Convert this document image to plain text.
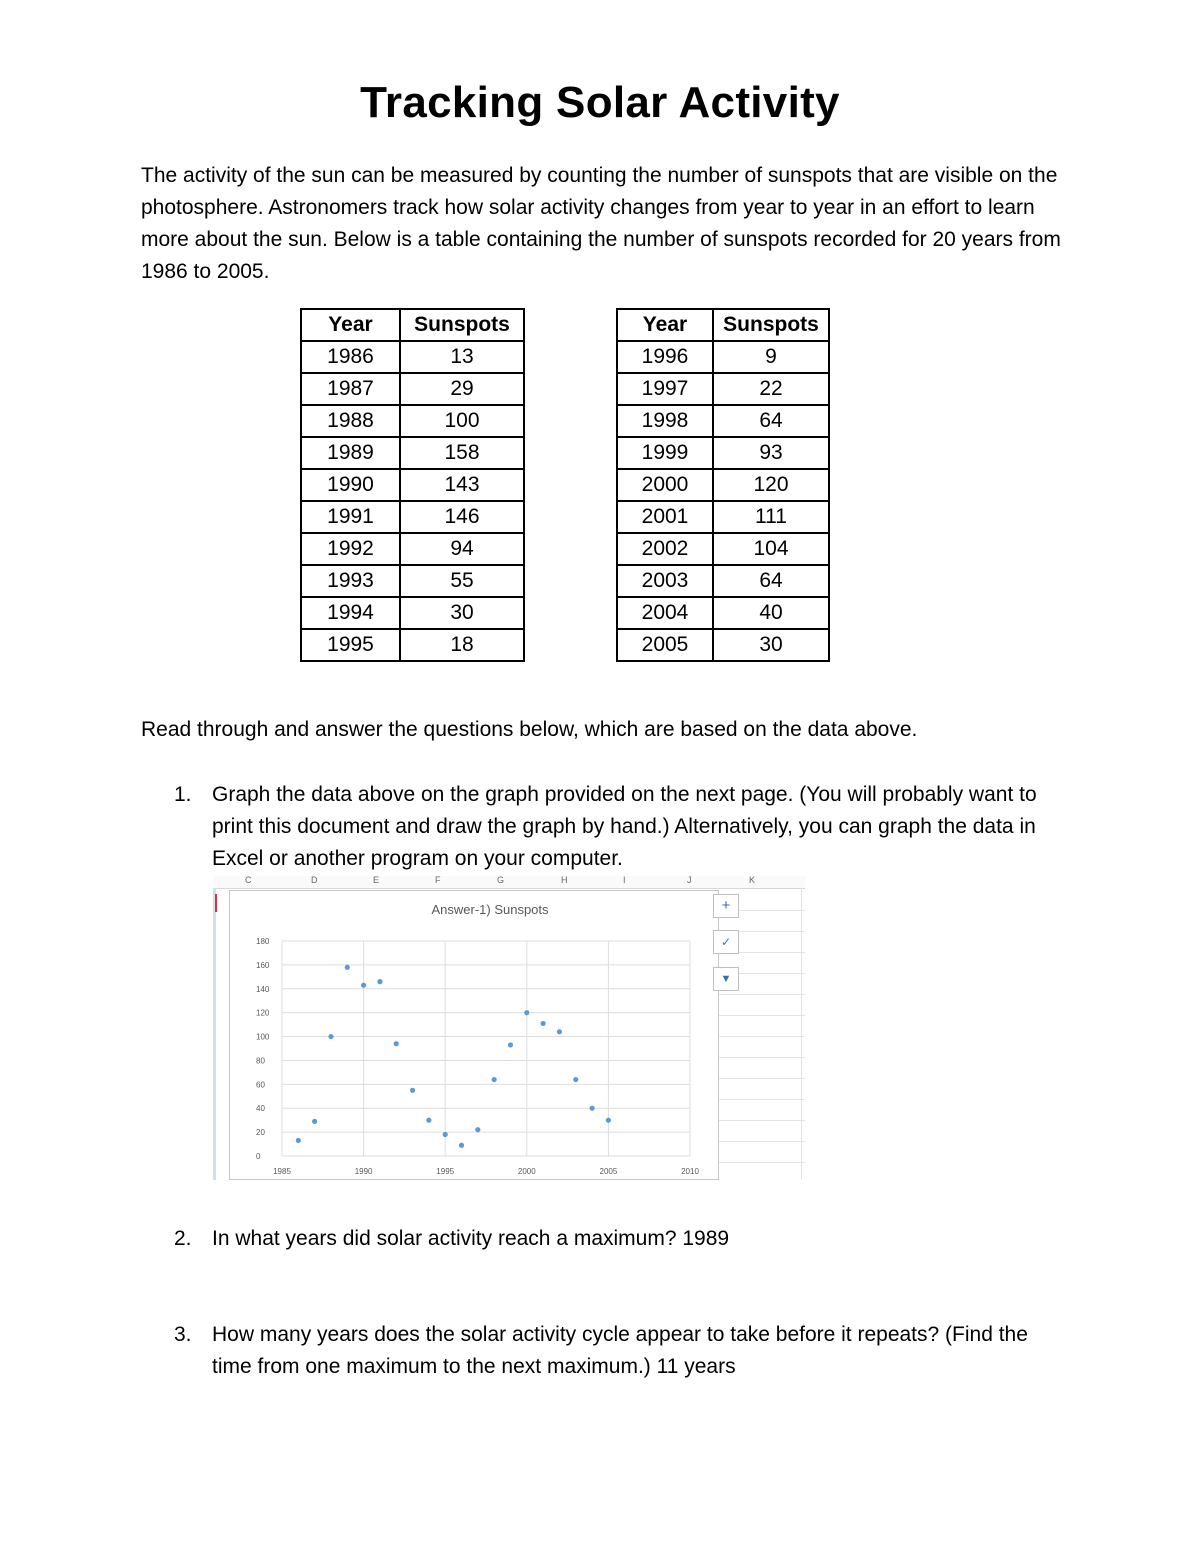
Tracking Solar Activity

The activity of the sun can be measured by counting the number of sunspots that are visible on the photosphere. Astronomers track how solar activity changes from year to year in an effort to learn more about the sun. Below is a table containing the number of sunspots recorded for 20 years from 1986 to 2005.

Year	Sunspots
1986	13
1987	29
1988	100
1989	158
1990	143
1991	146
1992	94
1993	55
1994	30
1995	18
Year	Sunspots
1996	9
1997	22
1998	64
1999	93
2000	120
2001	111
2002	104
2003	64
2004	40
2005	30
Read through and answer the questions below, which are based on the data above.
1. Graph the data above on the graph provided on the next page. (You will probably want to print this document and draw the graph by hand.) Alternatively, you can graph the data in Excel or another program on your computer.

C	D	E	F	G	H	I	J	K
Answer-1) Sunspots
0
20
40
60
80
100
120
140
160
180
1985	1990	1995	2000	2005	2010
+
✓
▼
2. In what years did solar activity reach a maximum? 1989

3. How many years does the solar activity cycle appear to take before it repeats? (Find the time from one maximum to the next maximum.) 11 years
